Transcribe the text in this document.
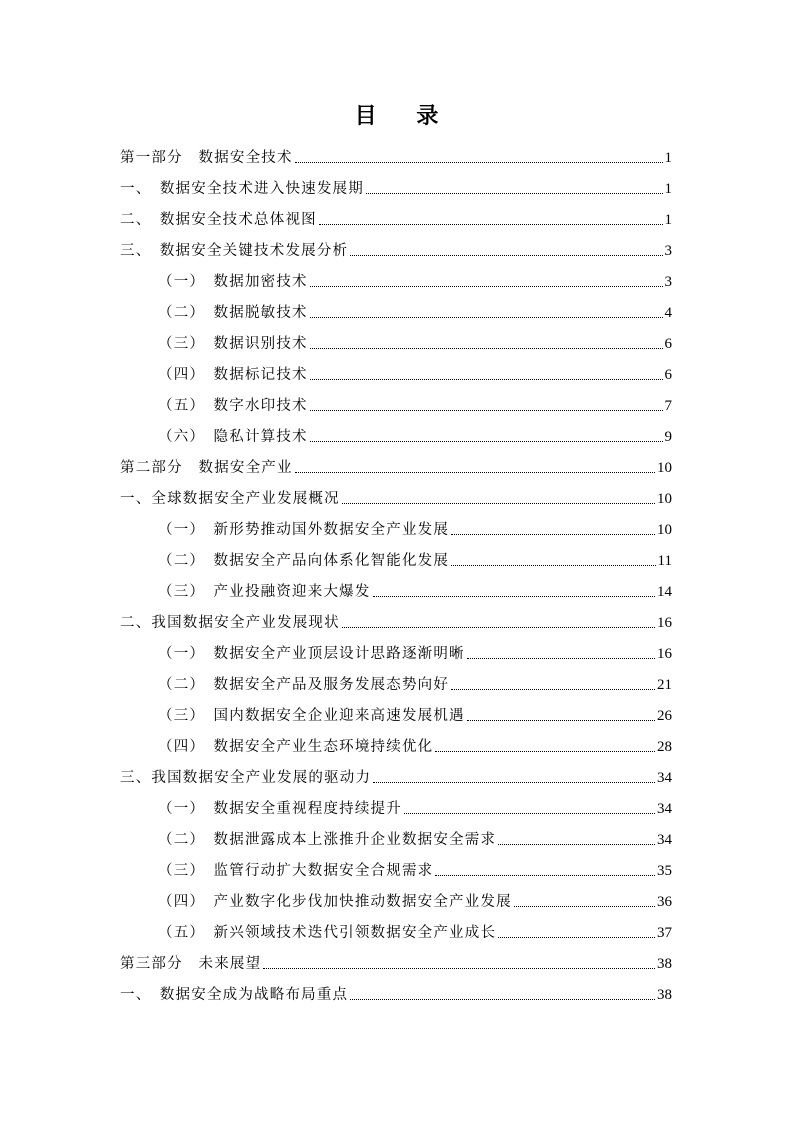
目 录
第一部分　数据安全技术	1
一、　数据安全技术进入快速发展期	1
二、　数据安全技术总体视图	1
三、　数据安全关键技术发展分析	3
（一）　数据加密技术	3
（二）　数据脱敏技术	4
（三）　数据识别技术	6
（四）　数据标记技术	6
（五）　数字水印技术	7
（六）　隐私计算技术	9
第二部分　数据安全产业	10
一、全球数据安全产业发展概况	10
（一）　新形势推动国外数据安全产业发展	10
（二）　数据安全产品向体系化智能化发展	11
（三）　产业投融资迎来大爆发	14
二、我国数据安全产业发展现状	16
（一）　数据安全产业顶层设计思路逐渐明晰	16
（二）　数据安全产品及服务发展态势向好	21
（三）　国内数据安全企业迎来高速发展机遇	26
（四）　数据安全产业生态环境持续优化	28
三、我国数据安全产业发展的驱动力	34
（一）　数据安全重视程度持续提升	34
（二）　数据泄露成本上涨推升企业数据安全需求	34
（三）　监管行动扩大数据安全合规需求	35
（四）　产业数字化步伐加快推动数据安全产业发展	36
（五）　新兴领域技术迭代引领数据安全产业成长	37
第三部分　未来展望	38
一、　数据安全成为战略布局重点	38
